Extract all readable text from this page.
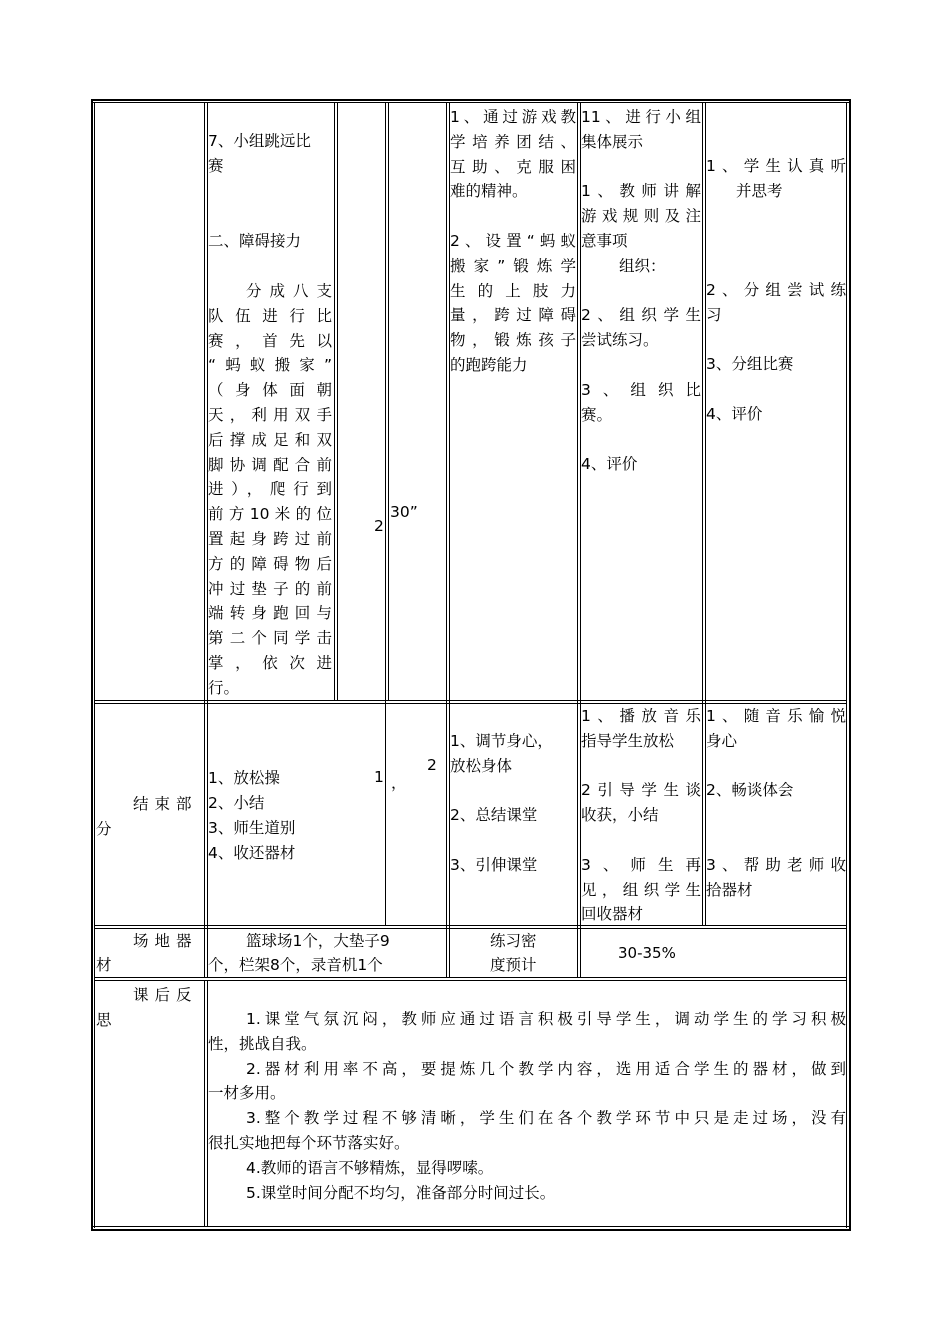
7、小组跳远比
赛
二、障碍接力
分成八支
队伍进行比
赛，首先以
“蚂蚁搬家”
（身体面朝
天，利用双手
后撑成足和双
脚协调配合前
进），爬行到
前方10米的位
置起身跨过前
方的障碍物后
冲过垫子的前
端转身跑回与
第二个同学击
掌，依次进
行。
2
30”
1、通过游戏教
学培养团结、
互助、克服困
难的精神。
2、设置“蚂蚁
搬家”锻炼学
生的上肢力
量，跨过障碍
物，锻炼孩子
的跑跨能力
11、进行小组
集体展示
1、教师讲解
游戏规则及注
意事项
组织：
2、组织学生
尝试练习。
3、组织比
赛。
4、评价
1、学生认真听
并思考
2、分组尝试练
习
3、分组比赛
4、评价
结束部
分
1、放松操
2、小结
3、师生道别
4、收还器材
1 ，
2
1、调节身心，
放松身体
2、总结课堂
3、引伸课堂
1、播放音乐
指导学生放松
2引导学生谈
收获，小结
3、师生再
见，组织学生
回收器材
1、随音乐愉悦
身心
2、畅谈体会
3、帮助老师收
拾器材
场地器
材
篮球场1个，大垫子9
个，栏架8个，录音机1个
练习密
度预计
30-35%
课后反
思	1.课堂气氛沉闷，教师应通过语言积极引导学生，调动学生的学习积极
性，挑战自我。
2.器材利用率不高，要提炼几个教学内容，选用适合学生的器材，做到
一材多用。
3.整个教学过程不够清晰，学生们在各个教学环节中只是走过场，没有
很扎实地把每个环节落实好。
4.教师的语言不够精炼，显得啰嗦。
5.课堂时间分配不均匀，准备部分时间过长。
